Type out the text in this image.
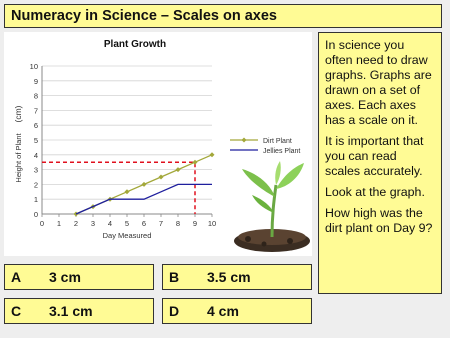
Numeracy in Science – Scales on axes
Plant Growth
0
1
2
3
4
5
6
7
8
9
10
0 1 2 3 4 5 6 7 8 9 10
Day Measured
Height of Plant
(cm)
Dirt Plant
Jellies Plant

In science you often need to draw graphs. Graphs are drawn on a set of axes. Each axes has a scale on it.

It is important that you can read scales accurately.

Look at the graph.

How high was the dirt plant on Day 9?

A 3 cm	B 3.5 cm
C 3.1 cm	D 4 cm
